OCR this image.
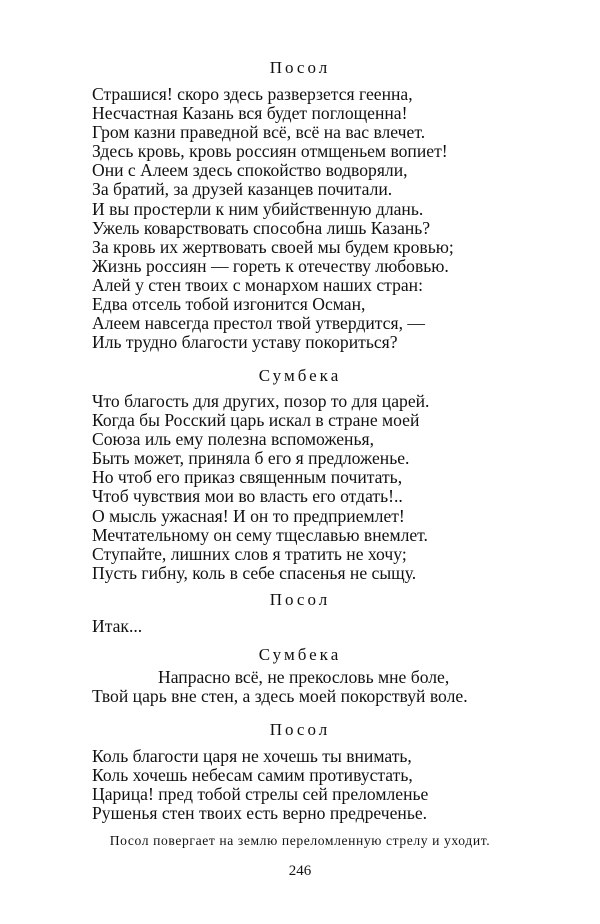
Посол
Страшися! скоро здесь разверзется геенна,
Несчастная Казань вся будет поглощенна!
Гром казни праведной всё, всё на вас влечет.
Здесь кровь, кровь россиян отмщеньем вопиет!
Они с Алеем здесь спокойство водворяли,
За братий, за друзей казанцев почитали.
И вы простерли к ним убийственную длань.
Ужель коварствовать способна лишь Казань?
За кровь их жертвовать своей мы будем кровью;
Жизнь россиян — гореть к отечеству любовью.
Алей у стен твоих с монархом наших стран:
Едва отсель тобой изгонится Осман,
Алеем навсегда престол твой утвердится, —
Иль трудно благости уставу покориться?
Сумбека
Что благость для других, позор то для царей.
Когда бы Росский царь искал в стране моей
Союза иль ему полезна вспоможенья,
Быть может, приняла б его я предложенье.
Но чтоб его приказ священным почитать,
Чтоб чувствия мои во власть его отдать!..
О мысль ужасная! И он то предприемлет!
Мечтательному он сему тщеславью внемлет.
Ступайте, лишних слов я тратить не хочу;
Пусть гибну, коль в себе спасенья не сыщу.
Посол
Итак...
Сумбека
Напрасно всё, не прекословь мне боле,
Твой царь вне стен, а здесь моей покорствуй воле.
Посол
Коль благости царя не хочешь ты внимать,
Коль хочешь небесам самим противустать,
Царица! пред тобой стрелы сей преломленье
Рушенья стен твоих есть верно предреченье.
Посол повергает на землю переломленную стрелу и уходит.
246
